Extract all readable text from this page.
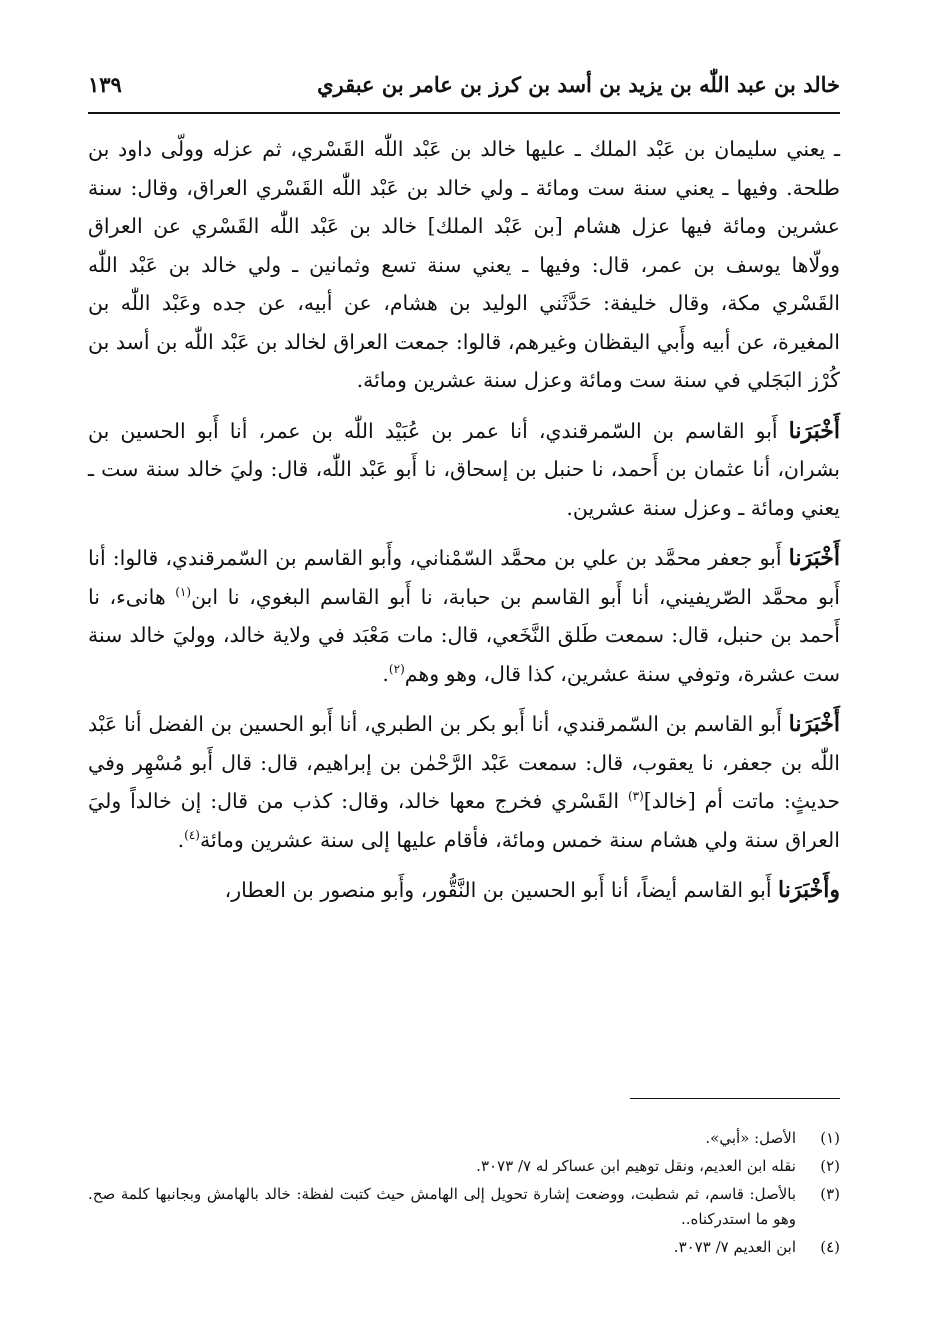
خالد بن عبد اللّٰه بن يزيد بن أسد بن كرز بن عامر بن عبقري
١٣٩

ـ يعني سليمان بن عَبْد الملك ـ عليها خالد بن عَبْد اللّٰه القَسْري، ثم عزله وولّى داود بن طلحة. وفيها ـ يعني سنة ست ومائة ـ ولي خالد بن عَبْد اللّٰه القَسْري العراق، وقال: سنة عشرين ومائة فيها عزل هشام [بن عَبْد الملك] خالد بن عَبْد اللّٰه القَسْري عن العراق وولّاها يوسف بن عمر، قال: وفيها ـ يعني سنة تسع وثمانين ـ ولي خالد بن عَبْد اللّٰه القَسْري مكة، وقال خليفة: حَدَّثَني الوليد بن هشام، عن أبيه، عن جده وعَبْد اللّٰه بن المغيرة، عن أبيه وأَبي اليقظان وغيرهم، قالوا: جمعت العراق لخالد بن عَبْد اللّٰه بن أسد بن كُرْز البَجَلي في سنة ست ومائة وعزل سنة عشرين ومائة.

أَخْبَرَنا أَبو القاسم بن السّمرقندي، أنا عمر بن عُبَيْد اللّٰه بن عمر، أنا أَبو الحسين بن بشران، أنا عثمان بن أَحمد، نا حنبل بن إسحاق، نا أَبو عَبْد اللّٰه، قال: وليَ خالد سنة ست ـ يعني ومائة ـ وعزل سنة عشرين.

أَخْبَرَنا أَبو جعفر محمَّد بن علي بن محمَّد السّمْناني، وأَبو القاسم بن السّمرقندي، قالوا: أنا أَبو محمَّد الصّريفيني، أنا أَبو القاسم بن حبابة، نا أَبو القاسم البغوي، نا ابن$^{(١)}$ هانىء، نا أَحمد بن حنبل، قال: سمعت طَلق النَّخَعي، قال: مات مَعْبَد في ولاية خالد، ووليَ خالد سنة ست عشرة، وتوفي سنة عشرين، كذا قال، وهو وهم$^{(٢)}$.

أَخْبَرَنا أَبو القاسم بن السّمرقندي، أنا أَبو بكر بن الطبري، أنا أَبو الحسين بن الفضل أنا عَبْد اللّٰه بن جعفر، نا يعقوب، قال: سمعت عَبْد الرَّحْمٰن بن إبراهيم، قال: قال أَبو مُسْهِر وفي حديثٍ: ماتت أم [خالد]$^{(٣)}$ القَسْري فخرج معها خالد، وقال: كذب من قال: إن خالداً وليَ العراق سنة ولي هشام سنة خمس ومائة، فأقام عليها إلى سنة عشرين ومائة$^{(٤)}$.

وأَخْبَرَنا أَبو القاسم أيضاً، أنا أَبو الحسين بن النَّقُّور، وأَبو منصور بن العطار،

(١)
الأصل: «أبي».
(٢)
نقله ابن العديم، ونقل توهيم ابن عساكر له ٧/ ٣٠٧٣.
(٣)
بالأصل: قاسم، ثم شطبت، ووضعت إشارة تحويل إلى الهامش حيث كتبت لفظة: خالد بالهامش وبجانبها كلمة صح. وهو ما استدركناه..
(٤)
ابن العديم ٧/ ٣٠٧٣.
